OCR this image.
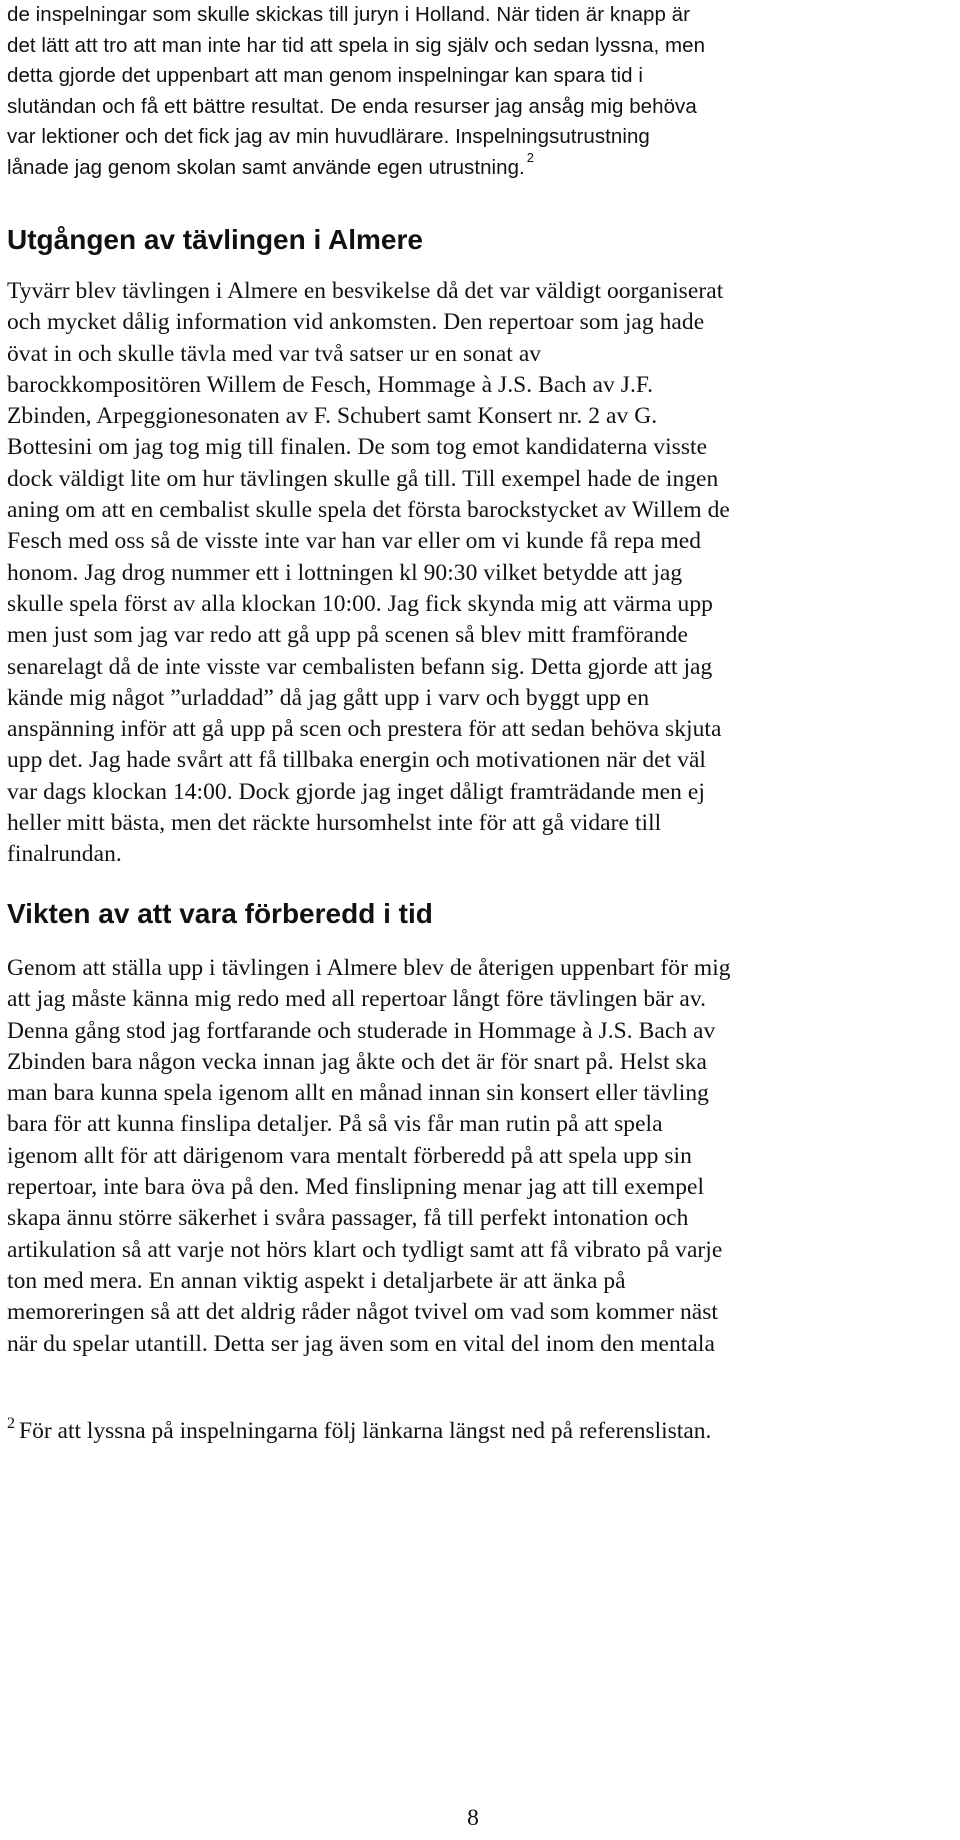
de inspelningar som skulle skickas till juryn i Holland. När tiden är knapp är
det lätt att tro att man inte har tid att spela in sig själv och sedan lyssna, men
detta gjorde det uppenbart att man genom inspelningar kan spara tid i
slutändan och få ett bättre resultat. De enda resurser jag ansåg mig behöva
var lektioner och det fick jag av min huvudlärare. Inspelningsutrustning
lånade jag genom skolan samt använde egen utrustning. $^2$

Utgången av tävlingen i Almere

Tyvärr blev tävlingen i Almere en besvikelse då det var väldigt oorganiserat
och mycket dålig information vid ankomsten. Den repertoar som jag hade
övat in och skulle tävla med var två satser ur en sonat av
barockkompositören Willem de Fesch, Hommage à J.S. Bach av J.F.
Zbinden, Arpeggionesonaten av F. Schubert samt Konsert nr. 2 av G.
Bottesini om jag tog mig till finalen. De som tog emot kandidaterna visste
dock väldigt lite om hur tävlingen skulle gå till. Till exempel hade de ingen
aning om att en cembalist skulle spela det första barockstycket av Willem de
Fesch med oss så de visste inte var han var eller om vi kunde få repa med
honom. Jag drog nummer ett i lottningen kl 90:30 vilket betydde att jag
skulle spela först av alla klockan 10:00. Jag fick skynda mig att värma upp
men just som jag var redo att gå upp på scenen så blev mitt framförande
senarelagt då de inte visste var cembalisten befann sig. Detta gjorde att jag
kände mig något ”urladdad” då jag gått upp i varv och byggt upp en
anspänning inför att gå upp på scen och prestera för att sedan behöva skjuta
upp det. Jag hade svårt att få tillbaka energin och motivationen när det väl
var dags klockan 14:00. Dock gjorde jag inget dåligt framträdande men ej
heller mitt bästa, men det räckte hursomhelst inte för att gå vidare till
finalrundan.

Vikten av att vara förberedd i tid

Genom att ställa upp i tävlingen i Almere blev de återigen uppenbart för mig
att jag måste känna mig redo med all repertoar långt före tävlingen bär av.
Denna gång stod jag fortfarande och studerade in Hommage à J.S. Bach av
Zbinden bara någon vecka innan jag åkte och det är för snart på. Helst ska
man bara kunna spela igenom allt en månad innan sin konsert eller tävling
bara för att kunna finslipa detaljer. På så vis får man rutin på att spela
igenom allt för att därigenom vara mentalt förberedd på att spela upp sin
repertoar, inte bara öva på den. Med finslipning menar jag att till exempel
skapa ännu större säkerhet i svåra passager, få till perfekt intonation och
artikulation så att varje not hörs klart och tydligt samt att få vibrato på varje
ton med mera. En annan viktig aspekt i detaljarbete är att änka på
memoreringen så att det aldrig råder något tvivel om vad som kommer näst
när du spelar utantill. Detta ser jag även som en vital del inom den mentala

$^2$ För att lyssna på inspelningarna följ länkarna längst ned på referenslistan.

8
